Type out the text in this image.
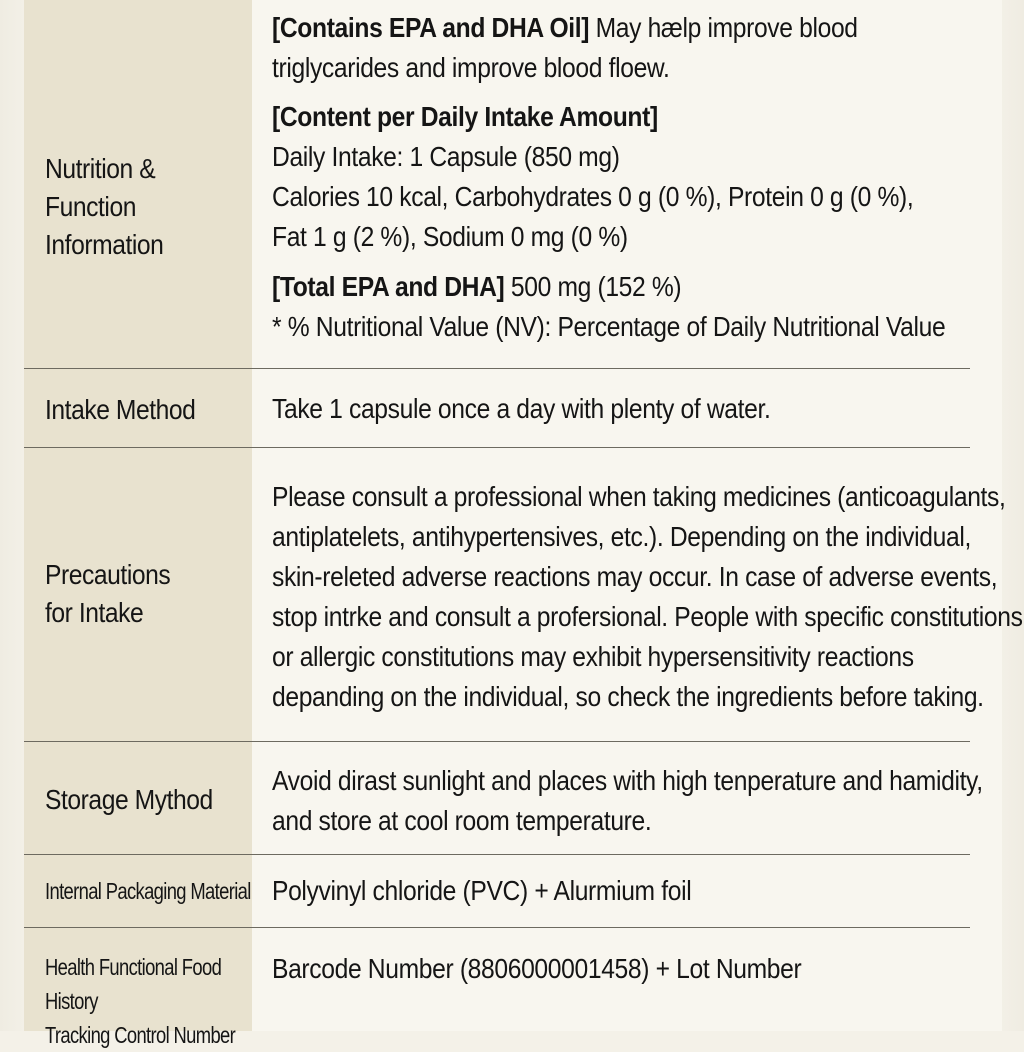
Nutrition &
Function
Information
[Contains EPA and DHA Oil] May hælp improve blood
triglycarides and improve blood floew.
[Content per Daily Intake Amount]
Daily Intake: 1 Capsule (850 mg)
Calories 10 kcal, Carbohydrates 0 g (0 %), Protein 0 g (0 %),
Fat 1 g (2 %), Sodium 0 mg (0 %)
[Total EPA and DHA] 500 mg (152 %)
* % Nutritional Value (NV): Percentage of Daily Nutritional Value
Intake Method	Take 1 capsule once a day with plenty of water.
Precautions
for Intake
Please consult a professional when taking medicines (anticoagulants,
antiplatelets, antihypertensives, etc.). Depending on the individual,
skin-releted adverse reactions may occur. In case of adverse events,
stop intrke and consult a profersional. People with specific constitutions
or allergic constitutions may exhibit hypersensitivity reactions
depanding on the individual, so check the ingredients before taking.
Storage Mythod
Avoid dirast sunlight and places with high tenperature and hamidity,
and store at cool room temperature.
Internal Packaging Material Polyvinyl chloride (PVC) + Alurmium foil
Health Functional Food History
Tracking Control Number
Barcode Number (8806000001458) + Lot Number
